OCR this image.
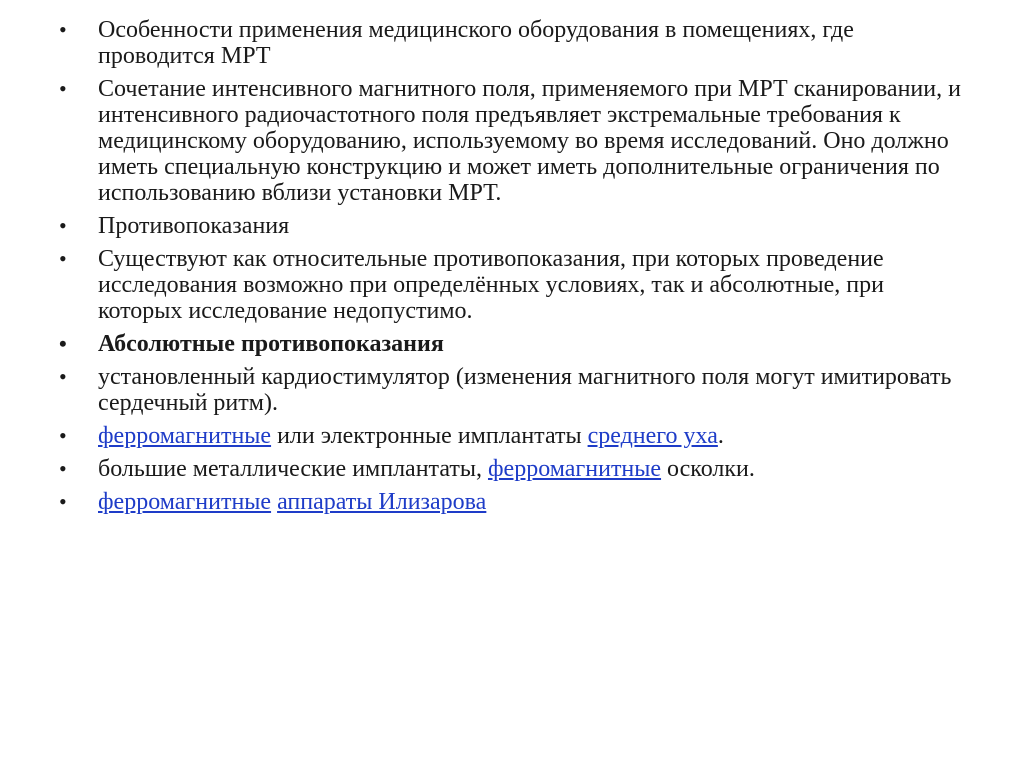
•	Особенности применения медицинского оборудования в помещениях, где проводится МРТ
•	Сочетание интенсивного магнитного поля, применяемого при МРТ сканировании, и интенсивного радиочастотного поля предъявляет экстремальные требования к медицинскому оборудованию, используемому во время исследований. Оно должно иметь специальную конструкцию и может иметь дополнительные ограничения по использованию вблизи установки МРТ.
•	Противопоказания
•	Существуют как относительные противопоказания, при которых проведение исследования возможно при определённых условиях, так и абсолютные, при которых исследование недопустимо.
•	Абсолютные противопоказания
•	установленный кардиостимулятор (изменения магнитного поля могут имитировать сердечный ритм).
•	ферромагнитные или электронные имплантаты среднего уха.
•	большие металлические имплантаты, ферромагнитные осколки.
•	ферромагнитные аппараты Илизарова
